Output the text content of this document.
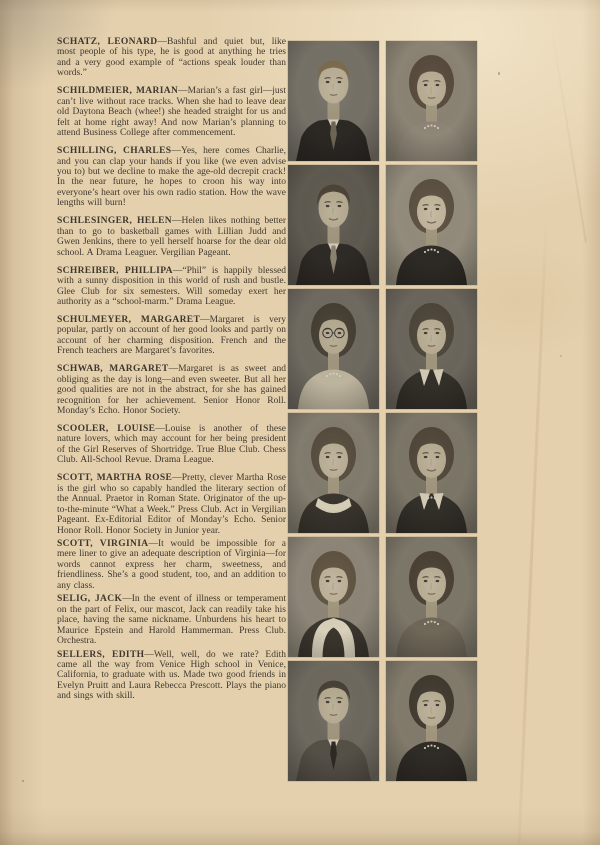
SCHATZ, LEONARD—Bashful and quiet but, like most people of his type, he is good at anything he tries and a very good example of “actions speak louder than words.”

SCHILDMEIER, MARIAN—Marian’s a fast girl—just can’t live without race tracks. When she had to leave dear old Daytona Beach (whee!) she headed straight for us and felt at home right away! And now Marian’s planning to attend Business College after commencement.

SCHILLING, CHARLES—Yes, here comes Charlie, and you can clap your hands if you like (we even advise you to) but we decline to make the age-old decrepit crack! In the near future, he hopes to croon his way into everyone’s heart over his own radio station. How the wave lengths will burn!

SCHLESINGER, HELEN—Helen likes nothing better than to go to basketball games with Lillian Judd and Gwen Jenkins, there to yell herself hoarse for the dear old school. A Drama Leaguer. Vergilian Pageant.

SCHREIBER, PHILLIPA—“Phil” is happily blessed with a sunny disposition in this world of rush and bustle. Glee Club for six semesters. Will someday exert her authority as a “school-marm.” Drama League.

SCHULMEYER, MARGARET—Margaret is very popular, partly on account of her good looks and partly on account of her charming disposition. French and the French teachers are Margaret’s favorites.

SCHWAB, MARGARET—Margaret is as sweet and obliging as the day is long—and even sweeter. But all her good qualities are not in the abstract, for she has gained recognition for her achievement. Senior Honor Roll. Monday’s Echo. Honor Society.

SCOOLER, LOUISE—Louise is another of these nature lovers, which may account for her being president of the Girl Reserves of Shortridge. True Blue Club. Chess Club. All-School Revue. Drama League.

SCOTT, MARTHA ROSE—Pretty, clever Martha Rose is the girl who so capably handled the literary section of the Annual. Praetor in Roman State. Originator of the up-to-the-minute “What a Week.” Press Club. Act in Vergilian Pageant. Ex-Editorial Editor of Monday’s Echo. Senior Honor Roll. Honor Society in Junior year.

SCOTT, VIRGINIA—It would be impossible for a mere liner to give an adequate description of Virginia—for words cannot express her charm, sweetness, and friendliness. She’s a good student, too, and an addition to any class.

SELIG, JACK—In the event of illness or temperament on the part of Felix, our mascot, Jack can readily take his place, having the same nickname. Unburdens his heart to Maurice Epstein and Harold Hammerman. Press Club. Orchestra.

SELLERS, EDITH—Well, well, do we rate? Edith came all the way from Venice High school in Venice, California, to graduate with us. Made two good friends in Evelyn Pruitt and Laura Rebecca Prescott. Plays the piano and sings with skill.
